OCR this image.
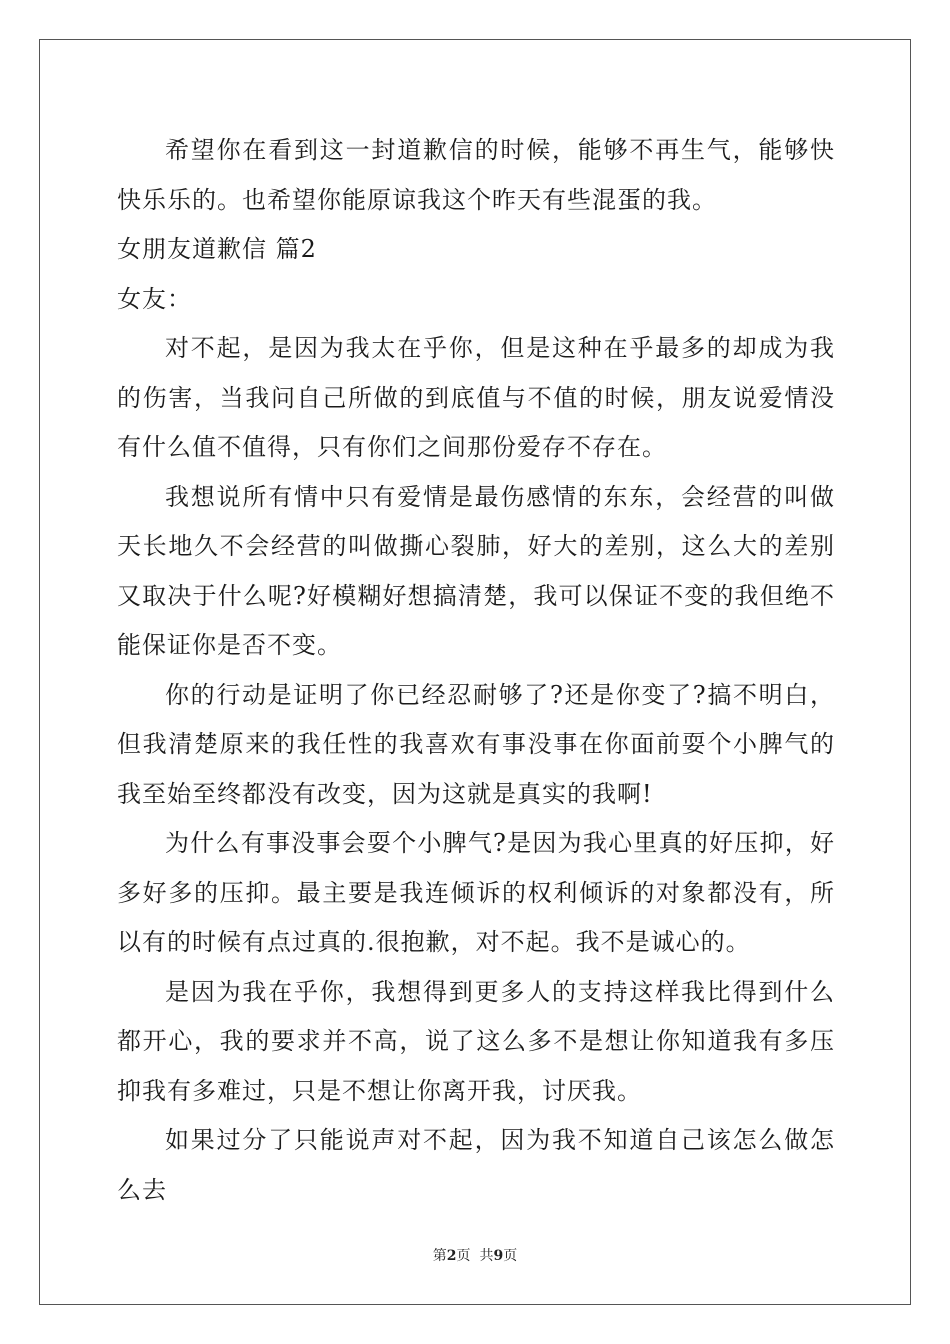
希望你在看到这一封道歉信的时候，能够不再生气，能够快快乐乐的。也希望你能原谅我这个昨天有些混蛋的我。

女朋友道歉信 篇2

女友：

对不起，是因为我太在乎你，但是这种在乎最多的却成为我的伤害，当我问自己所做的到底值与不值的时候，朋友说爱情没有什么值不值得，只有你们之间那份爱存不存在。

我想说所有情中只有爱情是最伤感情的东东，会经营的叫做天长地久不会经营的叫做撕心裂肺，好大的差别，这么大的差别又取决于什么呢?好模糊好想搞清楚，我可以保证不变的我但绝不能保证你是否不变。

你的行动是证明了你已经忍耐够了?还是你变了?搞不明白，但我清楚原来的我任性的我喜欢有事没事在你面前耍个小脾气的我至始至终都没有改变，因为这就是真实的我啊!

为什么有事没事会耍个小脾气?是因为我心里真的好压抑，好多好多的压抑。最主要是我连倾诉的权利倾诉的对象都没有，所以有的时候有点过真的.很抱歉，对不起。我不是诚心的。

是因为我在乎你，我想得到更多人的支持这样我比得到什么都开心，我的要求并不高，说了这么多不是想让你知道我有多压抑我有多难过，只是不想让你离开我，讨厌我。

如果过分了只能说声对不起，因为我不知道自己该怎么做怎么去

第2页  共9页
